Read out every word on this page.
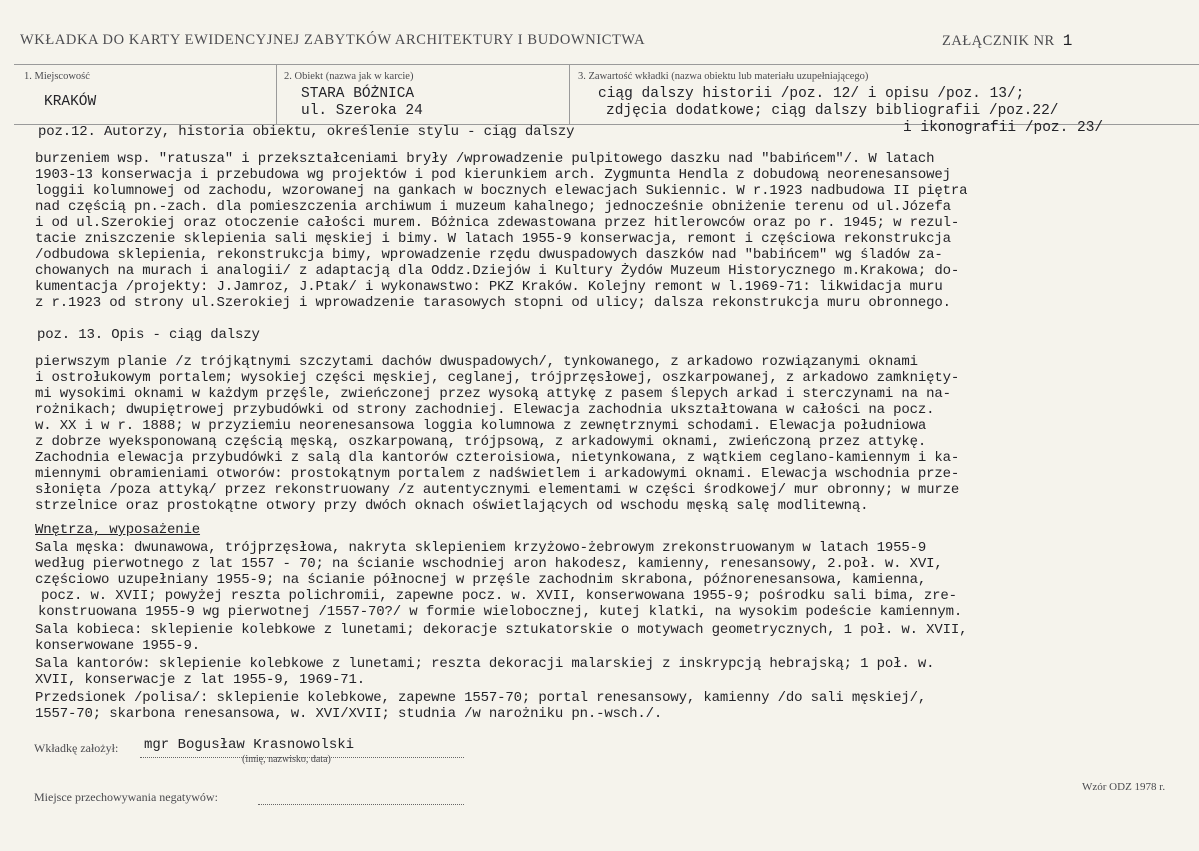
WKŁADKA DO KARTY EWIDENCYJNEJ ZABYTKÓW ARCHITEKTURY I BUDOWNICTWA	ZAŁĄCZNIK NR 1
1. Miejscowość
KRAKÓW
2. Obiekt (nazwa jak w karcie)
STARA BÓŻNICA
ul. Szeroka 24
3. Zawartość wkładki (nazwa obiektu lub materiału uzupełniającego)
ciąg dalszy historii /poz. 12/ i opisu /poz. 13/;
zdjęcia dodatkowe; ciąg dalszy bibliografii /poz.22/
i ikonografii /poz. 23/
poz.12. Autorzy, historia obiektu, określenie stylu - ciąg dalszy
burzeniem wsp. "ratusza" i przekształceniami bryły /wprowadzenie pulpitowego daszku nad "babińcem"/. W latach
1903-13 konserwacja i przebudowa wg projektów i pod kierunkiem arch. Zygmunta Hendla z dobudową neorenesansowej
loggii kolumnowej od zachodu, wzorowanej na gankach w bocznych elewacjach Sukiennic. W r.1923 nadbudowa II piętra
nad częścią pn.-zach. dla pomieszczenia archiwum i muzeum kahalnego; jednocześnie obniżenie terenu od ul.Józefa
i od ul.Szerokiej oraz otoczenie całości murem. Bóżnica zdewastowana przez hitlerowców oraz po r. 1945; w rezul-
tacie zniszczenie sklepienia sali męskiej i bimy. W latach 1955-9 konserwacja, remont i częściowa rekonstrukcja
/odbudowa sklepienia, rekonstrukcja bimy, wprowadzenie rzędu dwuspadowych daszków nad "babińcem" wg śladów za-
chowanych na murach i analogii/ z adaptacją dla Oddz.Dziejów i Kultury Żydów Muzeum Historycznego m.Krakowa; do-
kumentacja /projekty: J.Jamroz, J.Ptak/ i wykonawstwo: PKZ Kraków. Kolejny remont w l.1969-71: likwidacja muru
z r.1923 od strony ul.Szerokiej i wprowadzenie tarasowych stopni od ulicy; dalsza rekonstrukcja muru obronnego.
poz. 13. Opis - ciąg dalszy
pierwszym planie /z trójkątnymi szczytami dachów dwuspadowych/, tynkowanego, z arkadowo rozwiązanymi oknami
i ostrołukowym portalem; wysokiej części męskiej, ceglanej, trójprzęsłowej, oszkarpowanej, z arkadowo zamknięty-
mi wysokimi oknami w każdym przęśle, zwieńczonej przez wysoką attykę z pasem ślepych arkad i sterczynami na na-
rożnikach; dwupiętrowej przybudówki od strony zachodniej. Elewacja zachodnia ukształtowana w całości na pocz.
w. XX i w r. 1888; w przyziemiu neorenesansowa loggia kolumnowa z zewnętrznymi schodami. Elewacja południowa
z dobrze wyeksponowaną częścią męską, oszkarpowaną, trójpsową, z arkadowymi oknami, zwieńczoną przez attykę.
Zachodnia elewacja przybudówki z salą dla kantorów czteroisiowa, nietynkowana, z wątkiem ceglano-kamiennym i ka-
miennymi obramieniami otworów: prostokątnym portalem z nadświetlem i arkadowymi oknami. Elewacja wschodnia prze-
słonięta /poza attyką/ przez rekonstruowany /z autentycznymi elementami w części środkowej/ mur obronny; w murze
strzelnice oraz prostokątne otwory przy dwóch oknach oświetlających od wschodu męską salę modlitewną.
Wnętrza, wyposażenie
Sala męska: dwunawowa, trójprzęsłowa, nakryta sklepieniem krzyżowo-żebrowym zrekonstruowanym w latach 1955-9
według pierwotnego z lat 1557 - 70; na ścianie wschodniej aron hakodesz, kamienny, renesansowy, 2.poł. w. XVI,
częściowo uzupełniany 1955-9; na ścianie północnej w przęśle zachodnim skrabona, późnorenesansowa, kamienna,
pocz. w. XVII; powyżej reszta polichromii, zapewne pocz. w. XVII, konserwowana 1955-9; pośrodku sali bima, zre-
konstruowana 1955-9 wg pierwotnej /1557-70?/ w formie wielobocznej, kutej klatki, na wysokim podeście kamiennym.
Sala kobieca: sklepienie kolebkowe z lunetami; dekoracje sztukatorskie o motywach geometrycznych, 1 poł. w. XVII,
konserwowane 1955-9.
Sala kantorów: sklepienie kolebkowe z lunetami; reszta dekoracji malarskiej z inskrypcją hebrajską; 1 poł. w.
XVII, konserwacje z lat 1955-9, 1969-71.
Przedsionek /polisa/: sklepienie kolebkowe, zapewne 1557-70; portal renesansowy, kamienny /do sali męskiej/,
1557-70; skarbona renesansowa, w. XVI/XVII; studnia /w narożniku pn.-wsch./.
Wkładkę założył: mgr Bogusław Krasnowolski
(imię, nazwisko, data)
Miejsce przechowywania negatywów:
Wzór ODZ 1978 r.
